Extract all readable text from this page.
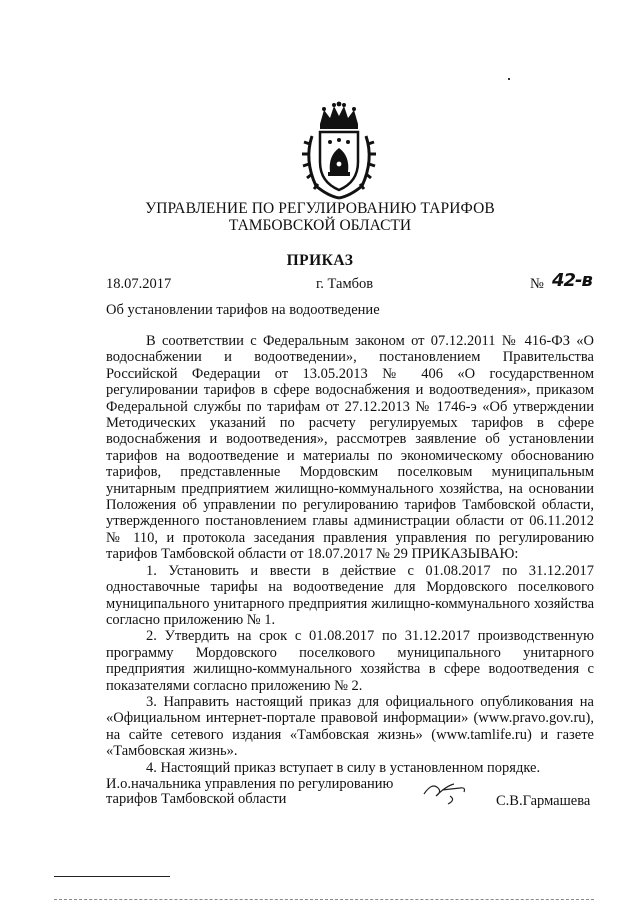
УПРАВЛЕНИЕ ПО РЕГУЛИРОВАНИЮ ТАРИФОВ
ТАМБОВСКОЙ ОБЛАСТИ
ПРИКАЗ
18.07.2017	г. Тамбов	№ 42-в
Об установлении тарифов на водоотведение

В соответствии с Федеральным законом от 07.12.2011 № 416-ФЗ «О водоснабжении и водоотведении», постановлением Правительства Российской Федерации от 13.05.2013 № 406 «О государственном регулировании тарифов в сфере водоснабжения и водоотведения», приказом Федеральной службы по тарифам от 27.12.2013 № 1746-э «Об утверждении Методических указаний по расчету регулируемых тарифов в сфере водоснабжения и водоотведения», рассмотрев заявление об установлении тарифов на водоотведение и материалы по экономическому обоснованию тарифов, представленные Мордовским поселковым муниципальным унитарным предприятием жилищно-коммунального хозяйства, на основании Положения об управлении по регулированию тарифов Тамбовской области, утвержденного постановлением главы администрации области от 06.11.2012 № 110, и протокола заседания правления управления по регулированию тарифов Тамбовской области от 18.07.2017 № 29 ПРИКАЗЫВАЮ:

1. Установить и ввести в действие с 01.08.2017 по 31.12.2017 одноставочные тарифы на водоотведение для Мордовского поселкового муниципального унитарного предприятия жилищно-коммунального хозяйства согласно приложению № 1.

2. Утвердить на срок с 01.08.2017 по 31.12.2017 производственную программу Мордовского поселкового муниципального унитарного предприятия жилищно-коммунального хозяйства в сфере водоотведения с показателями согласно приложению № 2.

3. Направить настоящий приказ для официального опубликования на «Официальном интернет-портале правовой информации» (www.pravo.gov.ru), на сайте сетевого издания «Тамбовская жизнь» (www.tamlife.ru) и газете «Тамбовская жизнь».

4. Настоящий приказ вступает в силу в установленном порядке.

И.о.начальника управления по регулированию
тарифов Тамбовской области	С.В.Гармашева
